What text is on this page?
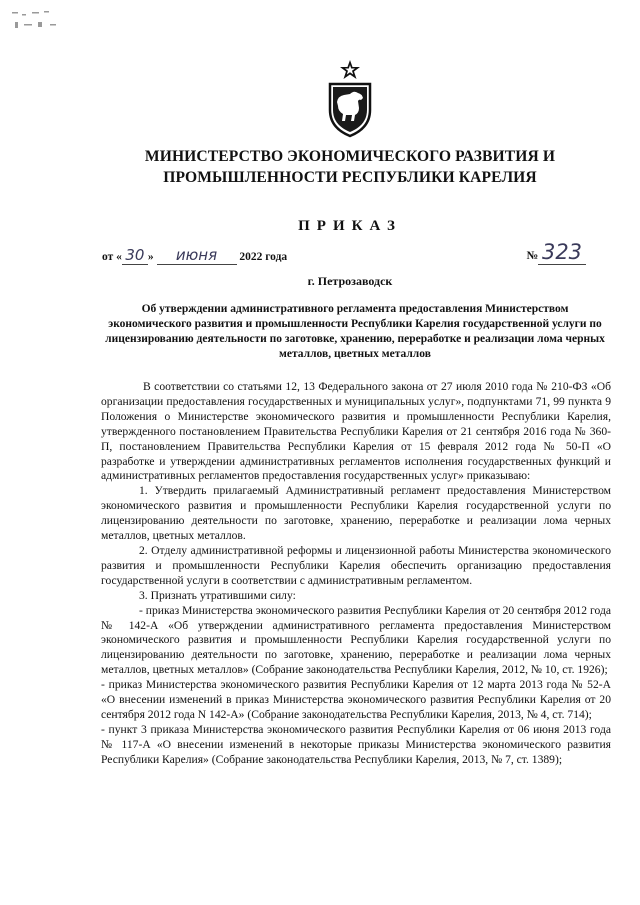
МИНИСТЕРСТВО ЭКОНОМИЧЕСКОГО РАЗВИТИЯ И
ПРОМЫШЛЕННОСТИ РЕСПУБЛИКИ КАРЕЛИЯ
ПРИКАЗ
от « 30 » июня 2022 года	№ 323
г. Петрозаводск
Об утверждении административного регламента предоставления Министерством экономического развития и промышленности Республики Карелия государственной услуги по лицензированию деятельности по заготовке, хранению, переработке и реализации лома черных металлов, цветных металлов

В соответствии со статьями 12, 13 Федерального закона от 27 июля 2010 года № 210-ФЗ «Об организации предоставления государственных и муниципальных услуг», подпунктами 71, 99 пункта 9 Положения о Министерстве экономического развития и промышленности Республики Карелия, утвержденного постановлением Правительства Республики Карелия от 21 сентября 2016 года № 360-П, постановлением Правительства Республики Карелия от 15 февраля 2012 года № 50-П «О разработке и утверждении административных регламентов исполнения государственных функций и административных регламентов предоставления государственных услуг» приказываю:

1. Утвердить прилагаемый Административный регламент предоставления Министерством экономического развития и промышленности Республики Карелия государственной услуги по лицензированию деятельности по заготовке, хранению, переработке и реализации лома черных металлов, цветных металлов.

2. Отделу административной реформы и лицензионной работы Министерства экономического развития и промышленности Республики Карелия обеспечить организацию предоставления государственной услуги в соответствии с административным регламентом.

3. Признать утратившими силу:

- приказ Министерства экономического развития Республики Карелия от 20 сентября 2012 года № 142-А «Об утверждении административного регламента предоставления Министерством экономического развития и промышленности Республики Карелия государственной услуги по лицензированию деятельности по заготовке, хранению, переработке и реализации лома черных металлов, цветных металлов» (Собрание законодательства Республики Карелия, 2012, № 10, ст. 1926);

- приказ Министерства экономического развития Республики Карелия от 12 марта 2013 года № 52-А «О внесении изменений в приказ Министерства экономического развития Республики Карелия от 20 сентября 2012 года N 142-А» (Собрание законодательства Республики Карелия, 2013, № 4, ст. 714);

- пункт 3 приказа Министерства экономического развития Республики Карелия от 06 июня 2013 года № 117-А «О внесении изменений в некоторые приказы Министерства экономического развития Республики Карелия» (Собрание законодательства Республики Карелия, 2013, № 7, ст. 1389);
